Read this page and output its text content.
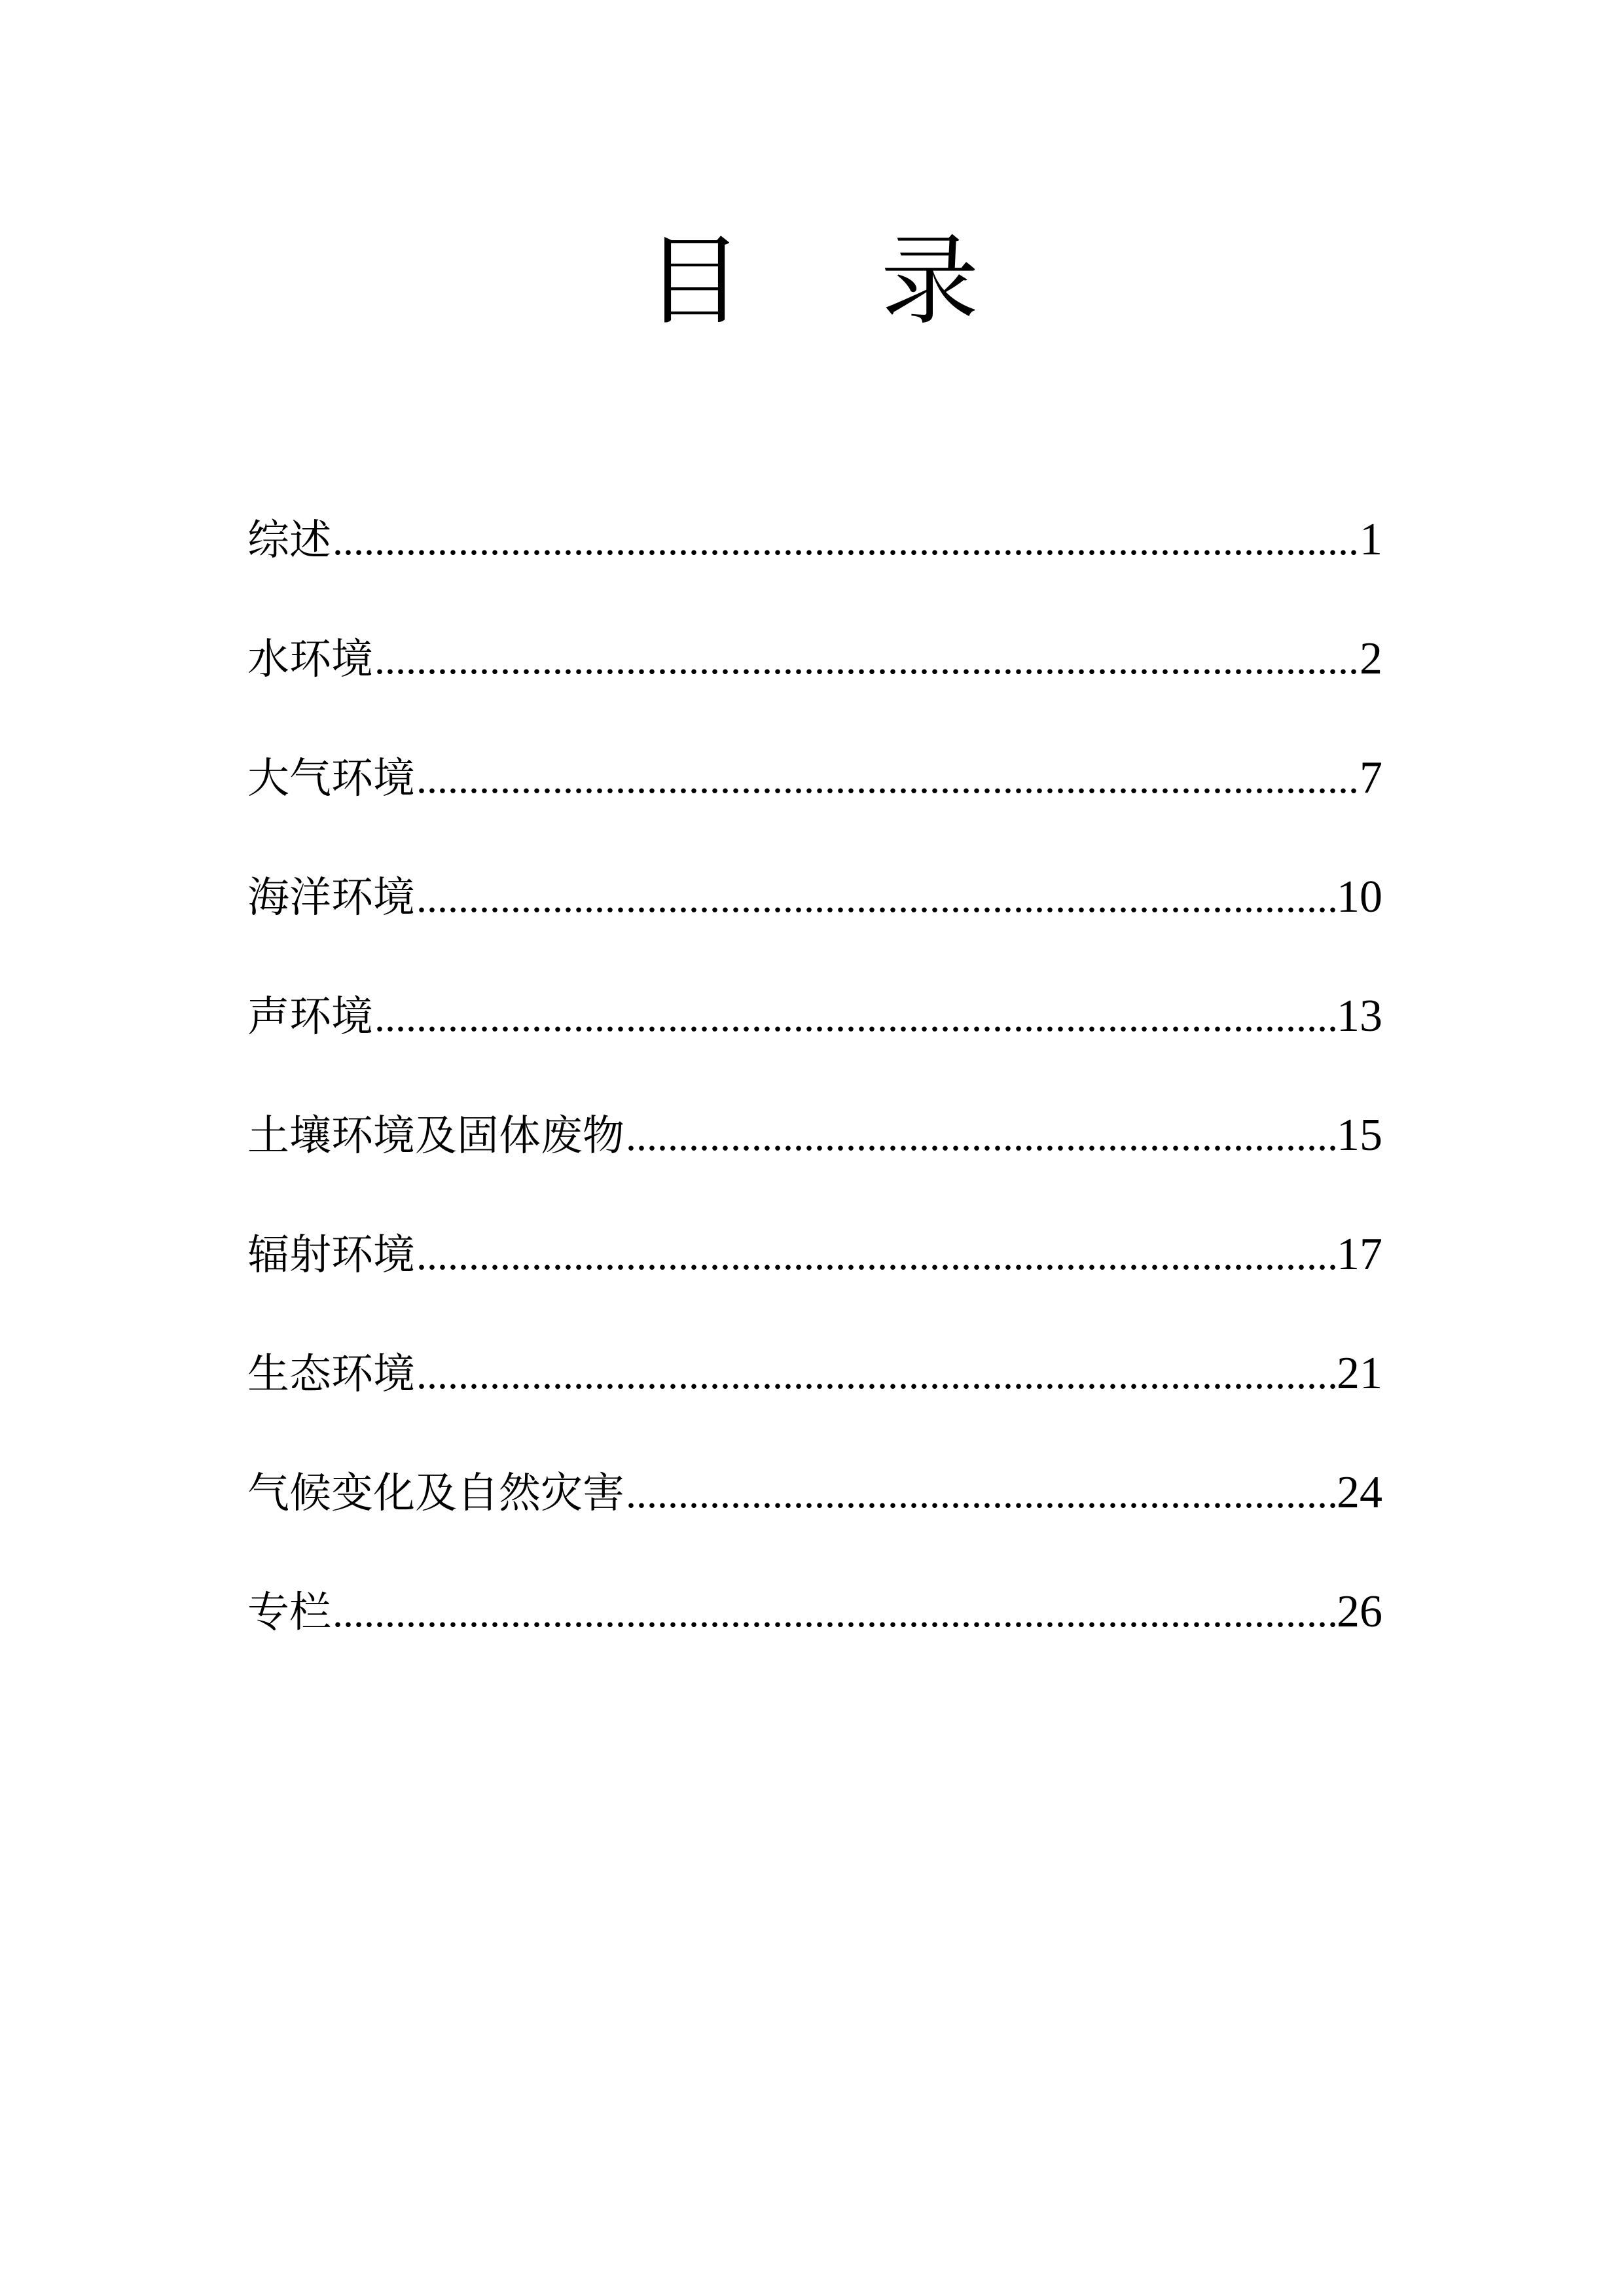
目录
综述 .....	1
水环境 .....	2
大气环境 .....	7
海洋环境 .....	10
声环境 .....	13
土壤环境及固体废物 .....	15
辐射环境 .....	17
生态环境 .....	21
气候变化及自然灾害 .....	24
专栏 .....	26
